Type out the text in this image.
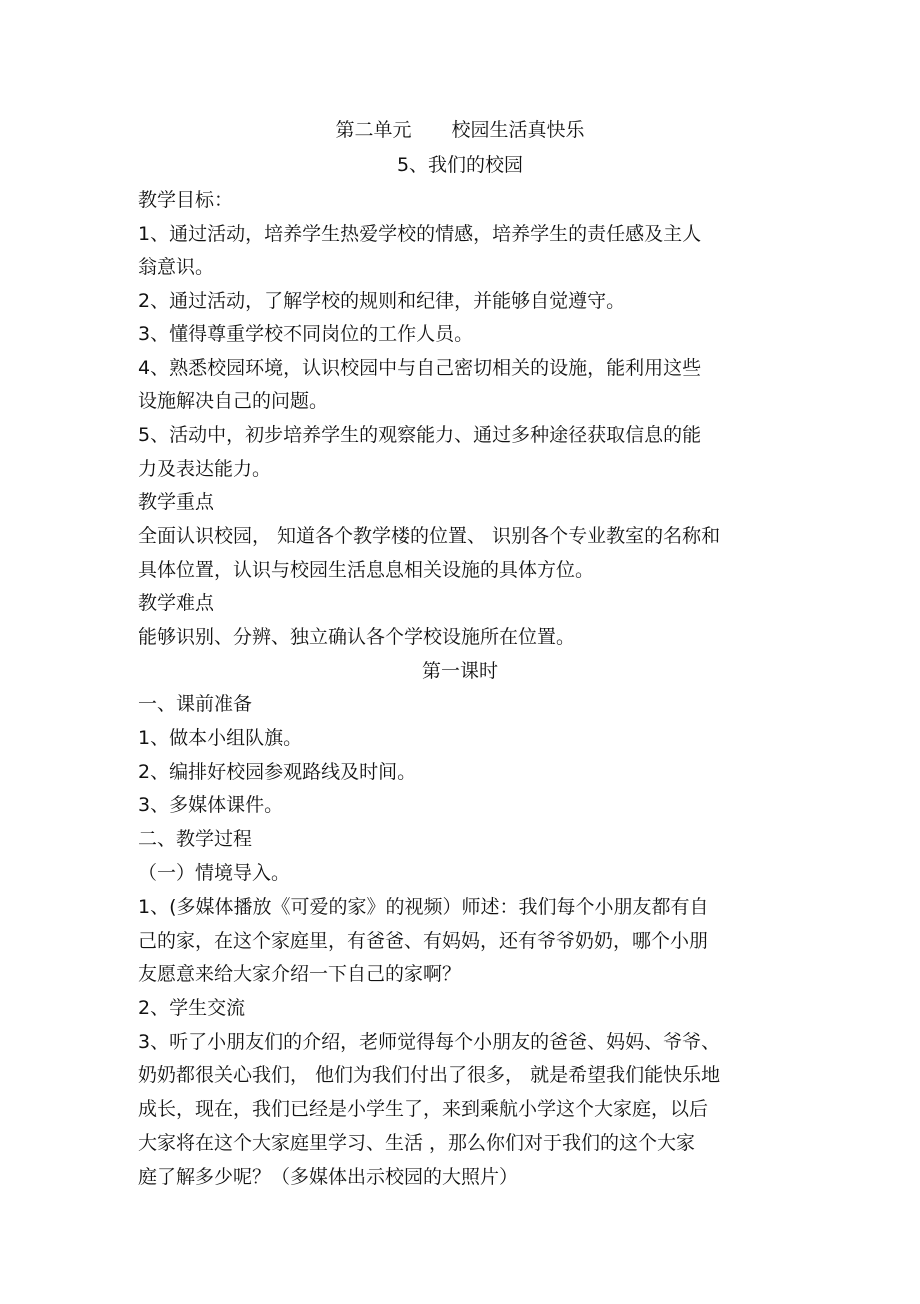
第二单元 校园生活真快乐
5、我们的校园
教学目标：
1、通过活动，培养学生热爱学校的情感，培养学生的责任感及主人
翁意识。
2、通过活动，了解学校的规则和纪律，并能够自觉遵守。
3、懂得尊重学校不同岗位的工作人员。
4、熟悉校园环境，认识校园中与自己密切相关的设施，能利用这些
设施解决自己的问题。
5、活动中，初步培养学生的观察能力、通过多种途径获取信息的能
力及表达能力。
教学重点
全面认识校园， 知道各个教学楼的位置、 识别各个专业教室的名称和
具体位置，认识与校园生活息息相关设施的具体方位。
教学难点
能够识别、分辨、独立确认各个学校设施所在位置。
第一课时
一、课前准备
1、做本小组队旗。
2、编排好校园参观路线及时间。
3、多媒体课件。
二、教学过程
（一）情境导入。
1、(多媒体播放《可爱的家》的视频）师述：我们每个小朋友都有自
己的家，在这个家庭里，有爸爸、有妈妈，还有爷爷奶奶，哪个小朋
友愿意来给大家介绍一下自己的家啊？
2、学生交流
3、听了小朋友们的介绍，老师觉得每个小朋友的爸爸、妈妈、爷爷、
奶奶都很关心我们， 他们为我们付出了很多， 就是希望我们能快乐地
成长，现在，我们已经是小学生了，来到乘航小学这个大家庭，以后
大家将在这个大家庭里学习、生活 ，那么你们对于我们的这个大家
庭了解多少呢？（多媒体出示校园的大照片）
